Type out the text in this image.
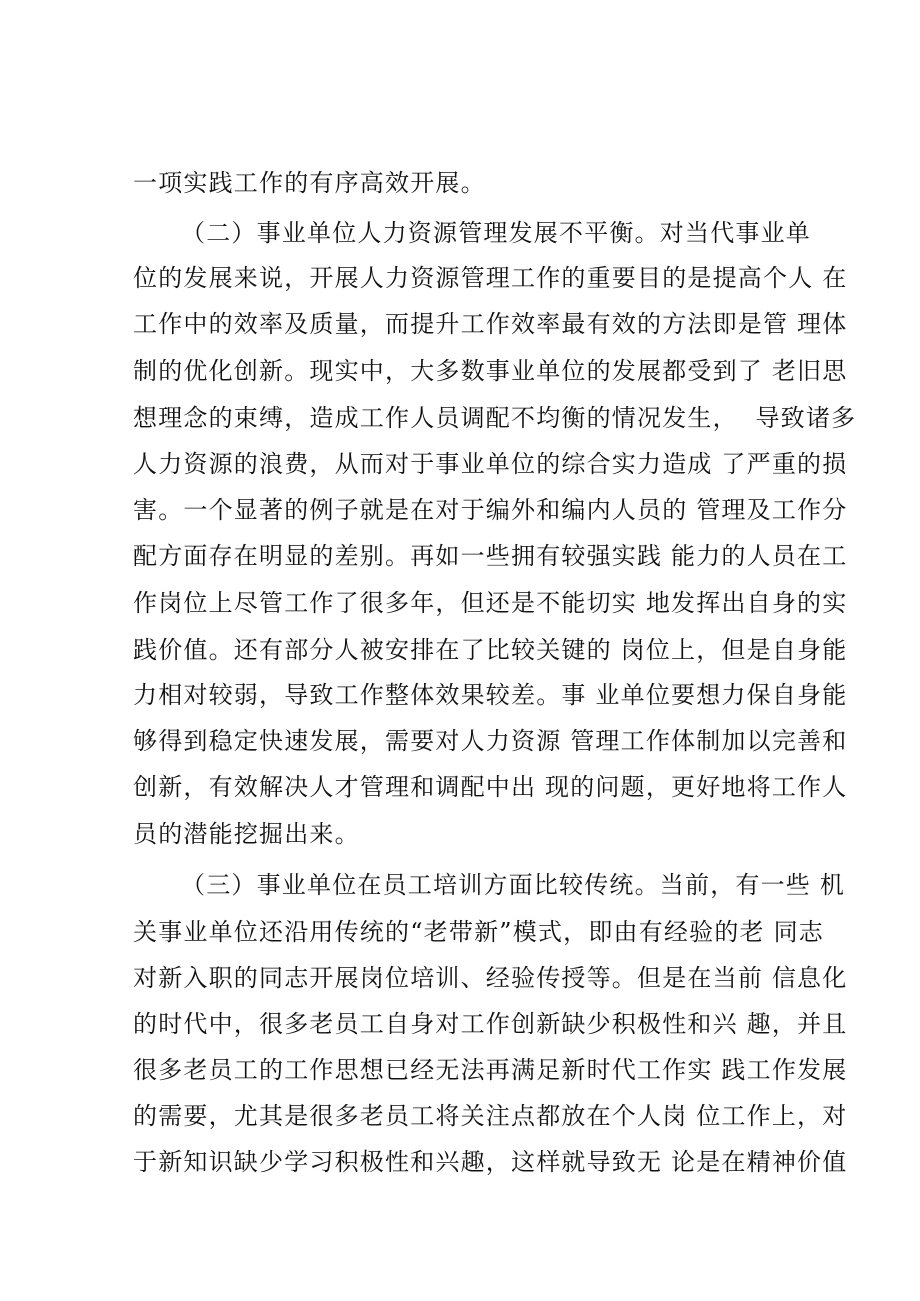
一项实践工作的有序高效开展。
（二）事业单位人力资源管理发展不平衡。对当代事业单
位的发展来说，开展人力资源管理工作的重要目的是提高个人 在
工作中的效率及质量，而提升工作效率最有效的方法即是管 理体
制的优化创新。现实中，大多数事业单位的发展都受到了 老旧思
想理念的束缚，造成工作人员调配不均衡的情况发生，  导致诸多
人力资源的浪费，从而对于事业单位的综合实力造成 了严重的损
害。一个显著的例子就是在对于编外和编内人员的 管理及工作分
配方面存在明显的差别。再如一些拥有较强实践 能力的人员在工
作岗位上尽管工作了很多年，但还是不能切实 地发挥出自身的实
践价值。还有部分人被安排在了比较关键的 岗位上，但是自身能
力相对较弱，导致工作整体效果较差。事 业单位要想力保自身能
够得到稳定快速发展，需要对人力资源 管理工作体制加以完善和
创新，有效解决人才管理和调配中出 现的问题，更好地将工作人
员的潜能挖掘出来。
（三）事业单位在员工培训方面比较传统。当前，有一些 机
关事业单位还沿用传统的“老带新”模式，即由有经验的老 同志
对新入职的同志开展岗位培训、经验传授等。但是在当前 信息化
的时代中，很多老员工自身对工作创新缺少积极性和兴 趣，并且
很多老员工的工作思想已经无法再满足新时代工作实 践工作发展
的需要，尤其是很多老员工将关注点都放在个人岗 位工作上，对
于新知识缺少学习积极性和兴趣，这样就导致无 论是在精神价值
